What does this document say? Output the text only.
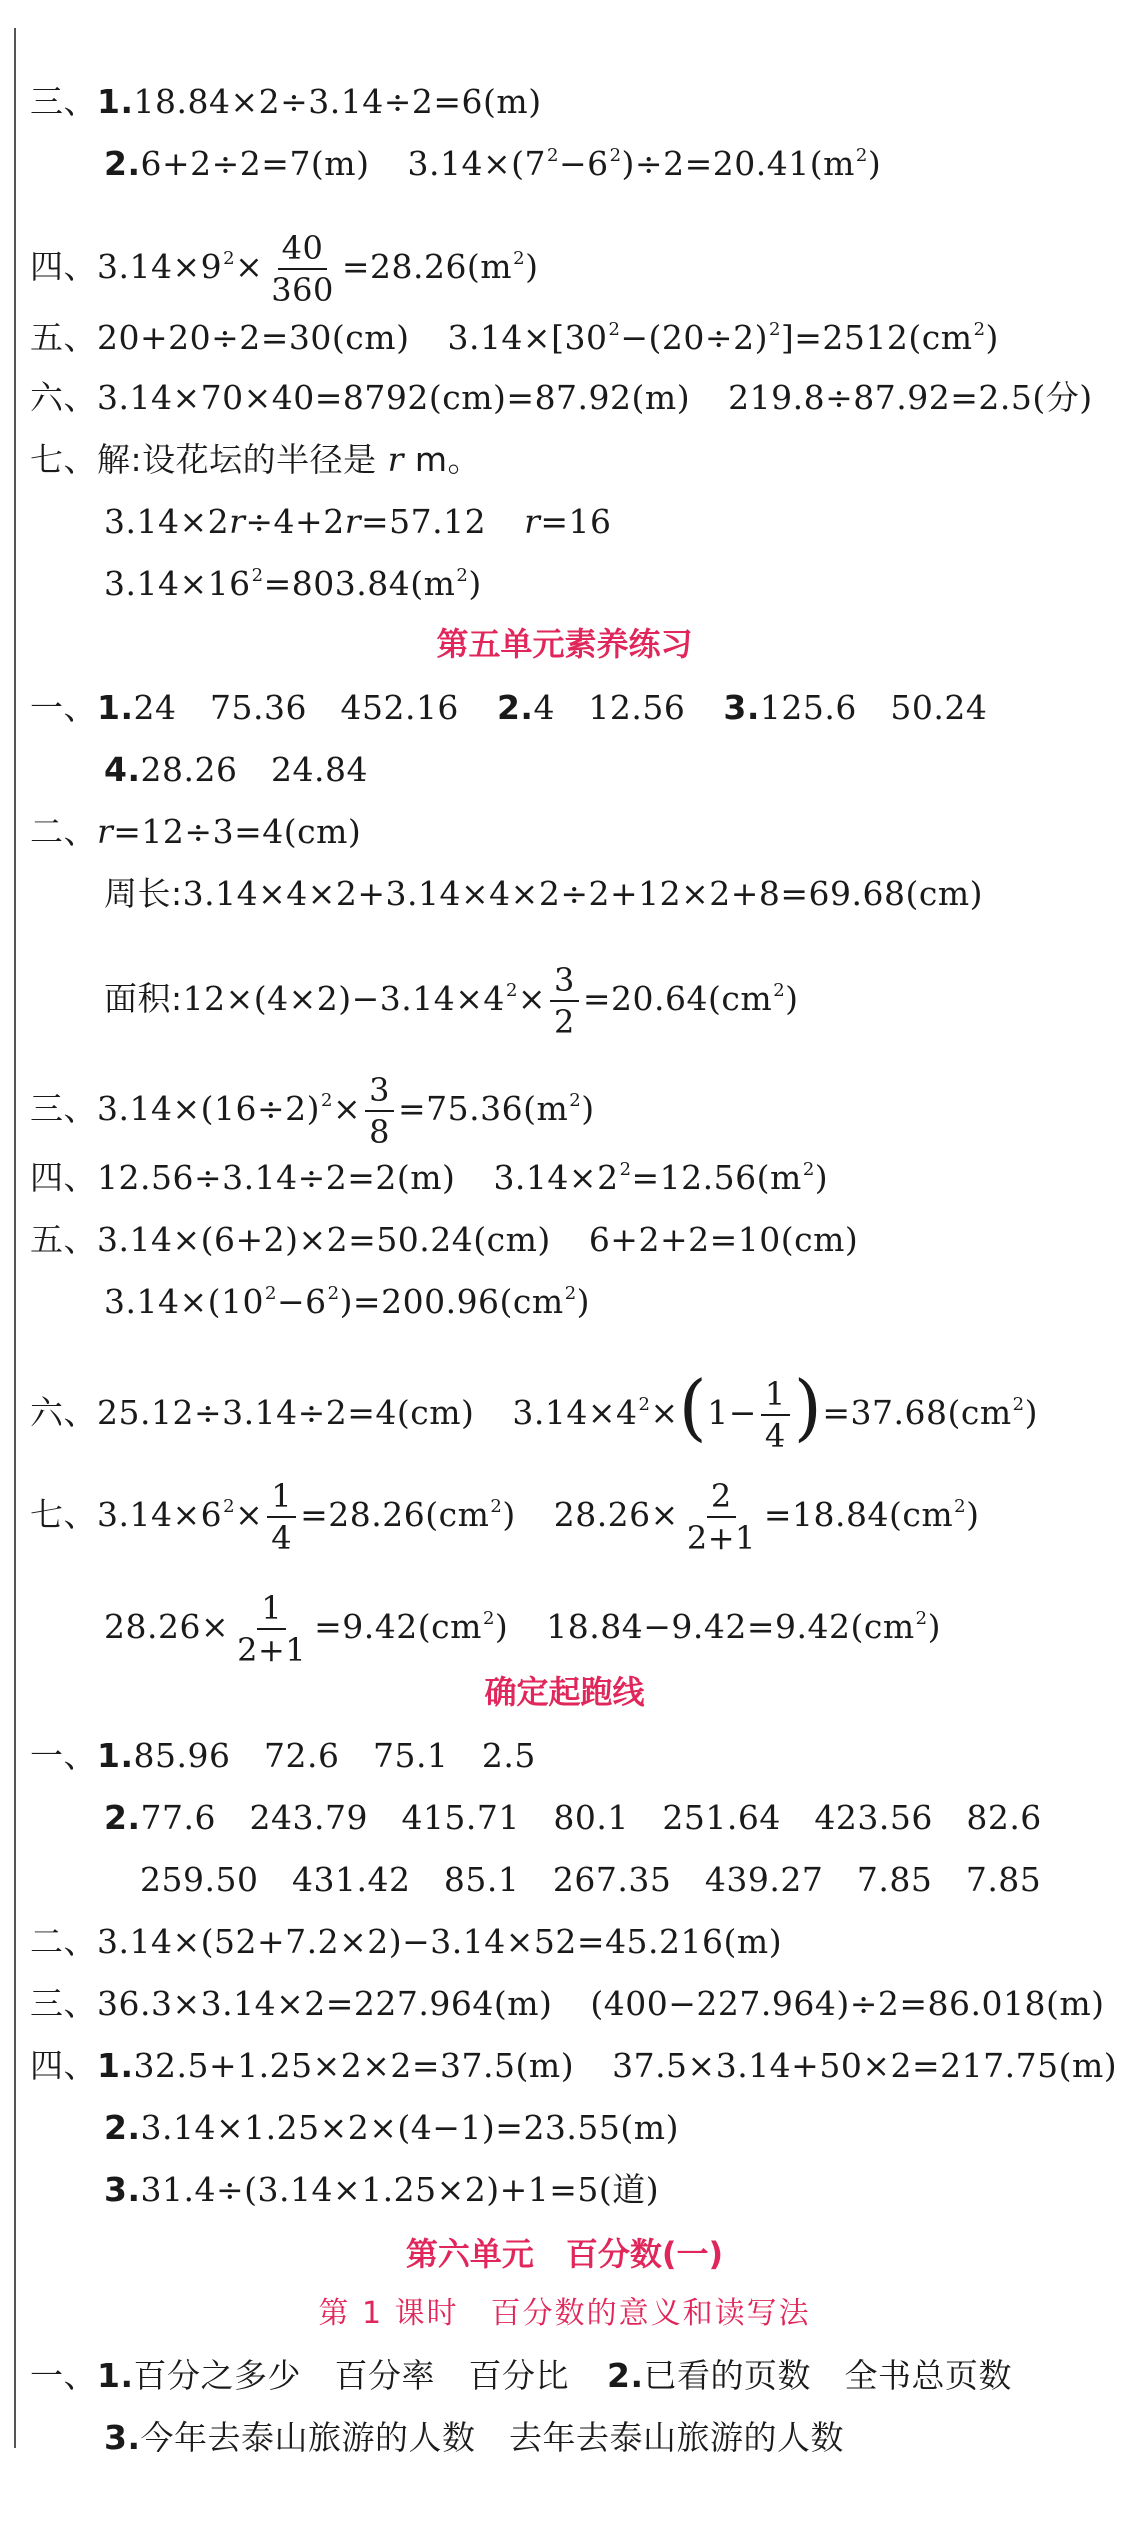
三、1.18.84×2÷3.14÷2=6(m)
2.6+2÷2=7(m) $3.14\times(7^2-6^2)\div 2=20.41(m^2)$
四、$3.14\times 9^2\times \frac{40}{360} =28.26(m^2)$
五、20+20÷2=30(cm) $3.14\times[30^2-(20\div 2)^2]=2512(cm^2)$
六、3.14×70×40=8792(cm)=87.92(m) 219.8÷87.92=2.5(分)
七、解:设花坛的半径是 r m。
3.14×2r÷4+2r=57.12 r=16
$3.14\times 16^2=803.84(m^2)$
第五单元素养练习
一、1.24　75.36　452.16 2.4　12.56 3.125.6　50.24
4.28.26　24.84
二、r=12÷3=4(cm)
周长:3.14×4×2+3.14×4×2÷2+12×2+8=69.68(cm)
面积$:12\times(4\times 2)-3.14\times 4^2\times \frac{3}{2} =20.64(cm^2)$
三、$3.14\times(16\div 2)^2\times \frac{3}{8} =75.36(m^2)$
四、12.56÷3.14÷2=2(m) $3.14\times 2^2=12.56(m^2)$
五、3.14×(6+2)×2=50.24(cm) 6+2+2=10(cm)
$3.14\times(10^2-6^2)=200.96(cm^2)$
六、25.12÷3.14÷2=4(cm) $3.14\times 4^2\times(1- \frac{1}{4} )=37.68(cm^2)$
七、$3.14\times 6^2\times \frac{1}{4} =28.26(cm^2)$ $28.26\times \frac{2}{2+1} =18.84(cm^2)$
$28.26\times \frac{1}{2+1} =9.42(cm^2)$ $18.84-9.42=9.42(cm^2)$
确定起跑线
一、1.85.96　72.6　75.1　2.5
2.77.6　243.79　415.71　80.1　251.64　423.56　82.6
259.50　431.42　85.1　267.35　439.27　7.85　7.85
二、3.14×(52+7.2×2)−3.14×52=45.216(m)
三、36.3×3.14×2=227.964(m) (400−227.964)÷2=86.018(m)
四、1.32.5+1.25×2×2=37.5(m) 37.5×3.14+50×2=217.75(m)
2.3.14×1.25×2×(4−1)=23.55(m)
3.31.4÷(3.14×1.25×2)+1=5(道)
第六单元　百分数(一)
第 1 课时　百分数的意义和读写法
一、1.百分之多少　百分率　百分比 2.已看的页数　全书总页数
3.今年去泰山旅游的人数　去年去泰山旅游的人数
